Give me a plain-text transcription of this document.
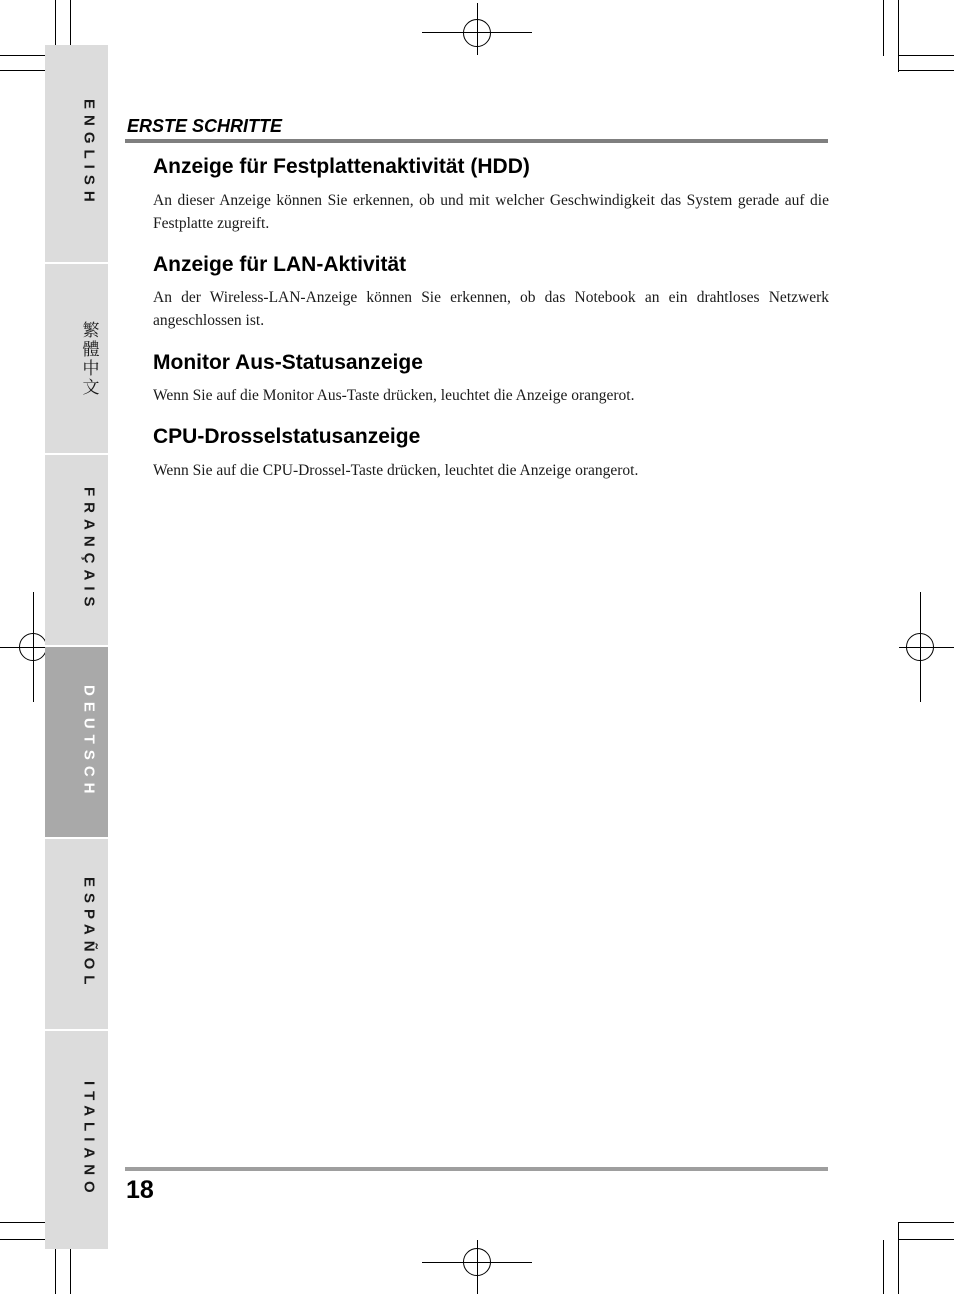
ENGLISH
繁體中文
FRANÇAIS
DEUTSCH
ESPAÑOL
ITALIANO
ERSTE SCHRITTE
Anzeige für Festplattenaktivität (HDD)

An dieser Anzeige können Sie erkennen, ob und mit welcher Geschwindigkeit das System gerade auf die Festplatte zugreift.

Anzeige für LAN-Aktivität

An der Wireless-LAN-Anzeige können Sie erkennen, ob das Notebook an ein drahtloses Netzwerk angeschlossen ist.

Monitor Aus-Statusanzeige

Wenn Sie auf die Monitor Aus-Taste drücken, leuchtet die Anzeige orangerot.

CPU-Drosselstatusanzeige

Wenn Sie auf die CPU-Drossel-Taste drücken, leuchtet die Anzeige orangerot.

18
